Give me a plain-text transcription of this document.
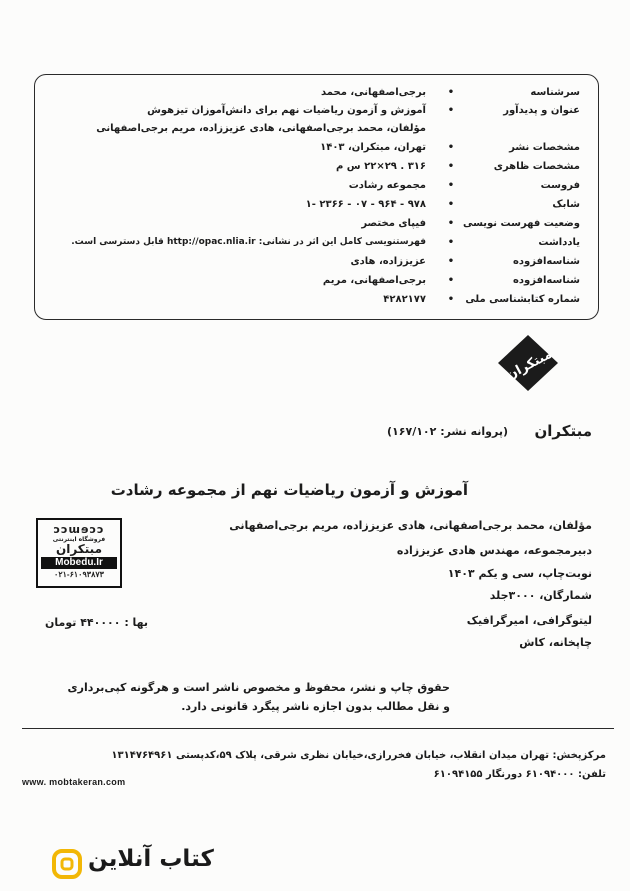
سرشناسه
•
برجی‌اصفهانی، محمد
عنوان و پدیدآور
•
آموزش و آزمون ریاضیات نهم برای دانش‌آموزان تیزهوش
مؤلفان، محمد برجی‌اصفهانی، هادی عزیززاده، مریم برجی‌اصفهانی
مشخصات نشر
•
تهران، مبتکران، ۱۴۰۳
مشخصات ظاهری
•
۳۱۶ . ۲۹×۲۲ س م
فروست
•
مجموعه رشادت
شابک
•
۹۷۸ - ۹۶۴ - ۰۷ - ۲۳۶۶ -۱
وضعیت فهرست نویسی
•
فیپای مختصر
یادداشت
•
فهرستنویسی کامل این اثر در نشانی: http://opac.nlia.ir قابل دسترسی است.
شناسه‌افزوده
•
عزیززاده، هادی
شناسه‌افزوده
•
برجی‌اصفهانی، مریم
شماره کتابشناسی ملی
•
۴۲۸۲۱۷۷
مبتکران
مبتکران
(پروانه نشر: ۱۶۷/۱۰۲)
آموزش و آزمون ریاضیات نهم از مجموعه رشادت
مؤلفان، محمد برجی‌اصفهانی، هادی عزیززاده، مریم برجی‌اصفهانی
دبیرمجموعه، مهندس هادی عزیززاده
نوبت‌چاپ، سی و یکم ۱۴۰۳
شمارگان، ۳۰۰۰جلد
لیتوگرافی، امیرگرافیک
چاپخانه، کاش
ɔɔɯɘɔɔ
فروشگاه اینترنتی
مبتکران
Mobedu.Ir
۰۲۱-۶۱۰۹۳۸۷۳
بها : ۴۴۰۰۰۰ تومان
حقوق چاپ و نشر، محفوظ و مخصوص ناشر است و هرگونه کپی‌برداری
و نقل مطالب بدون اجازه ناشر پیگرد قانونی دارد.
مرکزپخش: تهران میدان انقلاب، خیابان فخررازی،خیابان نظری شرقی، پلاک ۵۹،کدپستی ۱۳۱۴۷۶۴۹۶۱
تلفن: ۶۱۰۹۴۰۰۰ دورنگار ۶۱۰۹۴۱۵۵
www. mobtakeran.com
کتاب آنلاین
